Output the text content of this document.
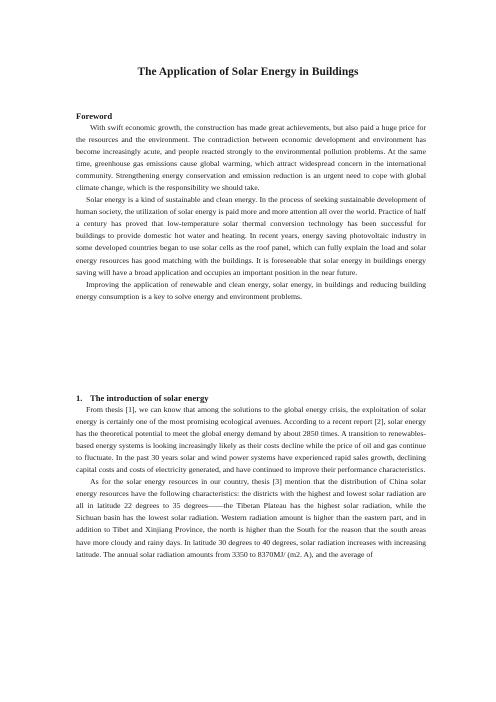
The Application of Solar Energy in Buildings

Foreword

With swift economic growth, the construction has made great achievements, but also paid a huge price for the resources and the environment. The contradiction between economic development and environment has become increasingly acute, and people reacted strongly to the environmental pollution problems. At the same time, greenhouse gas emissions cause global warming, which attract widespread concern in the international community. Strengthening energy conservation and emission reduction is an urgent need to cope with global climate change, which is the responsibility we should take.

Solar energy is a kind of sustainable and clean energy. In the process of seeking sustainable development of human society, the utilization of solar energy is paid more and more attention all over the world. Practice of half a century has proved that low-temperature solar thermal conversion technology has been successful for buildings to provide domestic hot water and heating. In recent years, energy saving photovoltaic industry in some developed countries began to use solar cells as the roof panel, which can fully explain the load and solar energy resources has good matching with the buildings. It is foreseeable that solar energy in buildings energy saving will have a broad application and occupies an important position in the near future.

Improving the application of renewable and clean energy, solar energy, in buildings and reducing building energy consumption is a key to solve energy and environment problems.

1. The introduction of solar energy

From thesis [1], we can know that among the solutions to the global energy crisis, the exploitation of solar energy is certainly one of the most promising ecological avenues. According to a recent report [2], solar energy has the theoretical potential to meet the global energy demand by about 2850 times. A transition to renewables-based energy systems is looking increasingly likely as their costs decline while the price of oil and gas continue to fluctuate. In the past 30 years solar and wind power systems have experienced rapid sales growth, declining capital costs and costs of electricity generated, and have continued to improve their performance characteristics.

As for the solar energy resources in our country, thesis [3] mention that the distribution of China solar energy resources have the following characteristics: the districts with the highest and lowest solar radiation are all in latitude 22 degrees to 35 degrees——the Tibetan Plateau has the highest solar radiation, while the Sichuan basin has the lowest solar radiation. Western radiation amount is higher than the eastern part, and in addition to Tibet and Xinjiang Province, the north is higher than the South for the reason that the south areas have more cloudy and rainy days. In latitude 30 degrees to 40 degrees, solar radiation increases with increasing latitude. The annual solar radiation amounts from 3350 to 8370MJ/ (m2. A), and the average of
